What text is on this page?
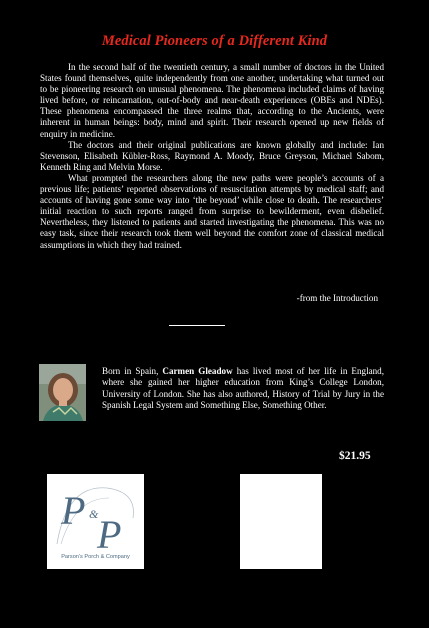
Medical Pioneers of a Different Kind

In the second half of the twentieth century, a small number of doctors in the United States found themselves, quite independently from one another, undertaking what turned out to be pioneering research on unusual phenomena. The phenomena included claims of having lived before, or reincarnation, out-of-body and near-death experiences (OBEs and NDEs). These phenomena encompassed the three realms that, according to the Ancients, were inherent in human beings: body, mind and spirit. Their research opened up new fields of enquiry in medicine.

The doctors and their original publications are known globally and include: Ian Stevenson, Elisabeth Kübler-Ross, Raymond A. Moody, Bruce Greyson, Michael Sabom, Kenneth Ring and Melvin Morse.

What prompted the researchers along the new paths were people’s accounts of a previous life; patients’ reported observations of resuscitation attempts by medical staff; and accounts of having gone some way into ‘the beyond’ while close to death. The researchers’ initial reaction to such reports ranged from surprise to bewilderment, even disbelief. Nevertheless, they listened to patients and started investigating the phenomena. This was no easy task, since their research took them well beyond the comfort zone of classical medical assumptions in which they had trained.

-from the Introduction
Born in Spain, Carmen Gleadow has lived most of her life in England, where she gained her higher education from King’s College London, University of London. She has also authored, History of Trial by Jury in the Spanish Legal System and Something Else, Something Other.
$21.95
P &
P
Parson’s Porch & Company
